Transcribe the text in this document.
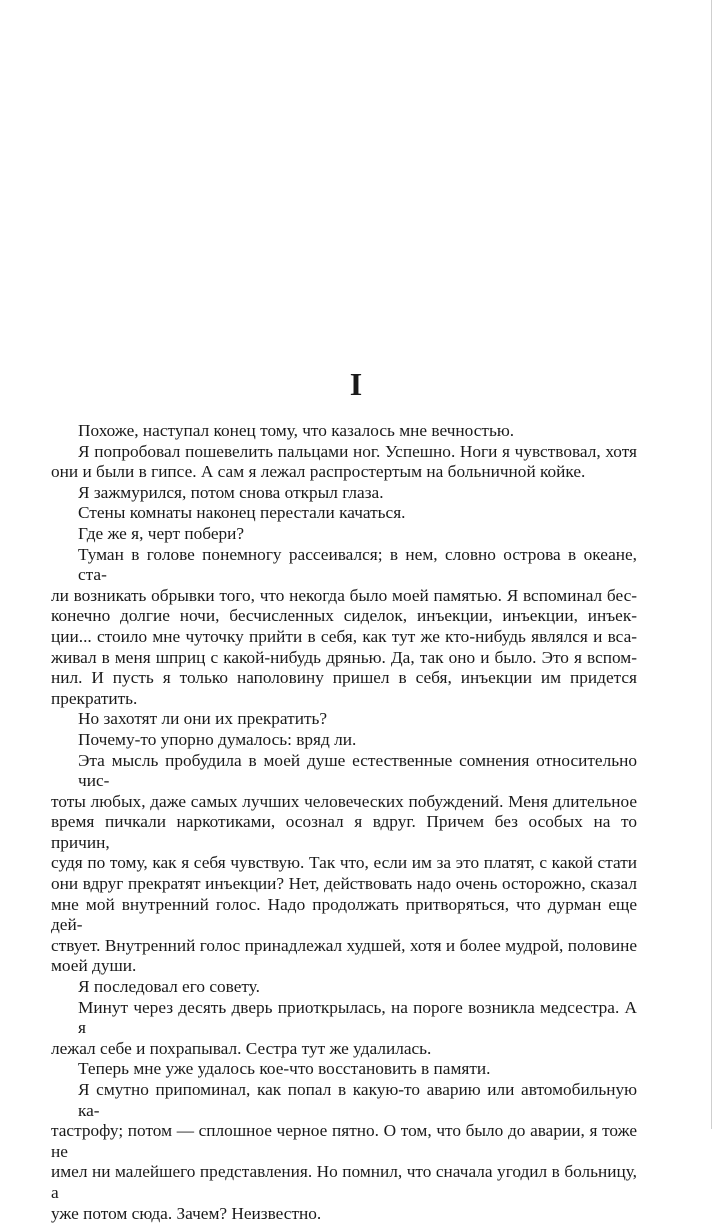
I
Похоже, наступал конец тому, что казалось мне вечностью.
Я попробовал пошевелить пальцами ног. Успешно. Ноги я чувствовал, хотя
они и были в гипсе. А сам я лежал распростертым на больничной койке.
Я зажмурился, потом снова открыл глаза.
Стены комнаты наконец перестали качаться.
Где же я, черт побери?
Туман в голове понемногу рассеивался; в нем, словно острова в океане, ста-
ли возникать обрывки того, что некогда было моей памятью. Я вспоминал бес-
конечно долгие ночи, бесчисленных сиделок, инъекции, инъекции, инъек-
ции... стоило мне чуточку прийти в себя, как тут же кто-нибудь являлся и вса-
живал в меня шприц с какой-нибудь дрянью. Да, так оно и было. Это я вспом-
нил. И пусть я только наполовину пришел в себя, инъекции им придется
прекратить.
Но захотят ли они их прекратить?
Почему-то упорно думалось: вряд ли.
Эта мысль пробудила в моей душе естественные сомнения относительно чис-
тоты любых, даже самых лучших человеческих побуждений. Меня длительное
время пичкали наркотиками, осознал я вдруг. Причем без особых на то причин,
судя по тому, как я себя чувствую. Так что, если им за это платят, с какой стати
они вдруг прекратят инъекции? Нет, действовать надо очень осторожно, сказал
мне мой внутренний голос. Надо продолжать притворяться, что дурман еще дей-
ствует. Внутренний голос принадлежал худшей, хотя и более мудрой, половине
моей души.
Я последовал его совету.
Минут через десять дверь приоткрылась, на пороге возникла медсестра. А я
лежал себе и похрапывал. Сестра тут же удалилась.
Теперь мне уже удалось кое-что восстановить в памяти.
Я смутно припоминал, как попал в какую-то аварию или автомобильную ка-
тастрофу; потом — сплошное черное пятно. О том, что было до аварии, я тоже не
имел ни малейшего представления. Но помнил, что сначала угодил в больницу, а
уже потом сюда. Зачем? Неизвестно.
